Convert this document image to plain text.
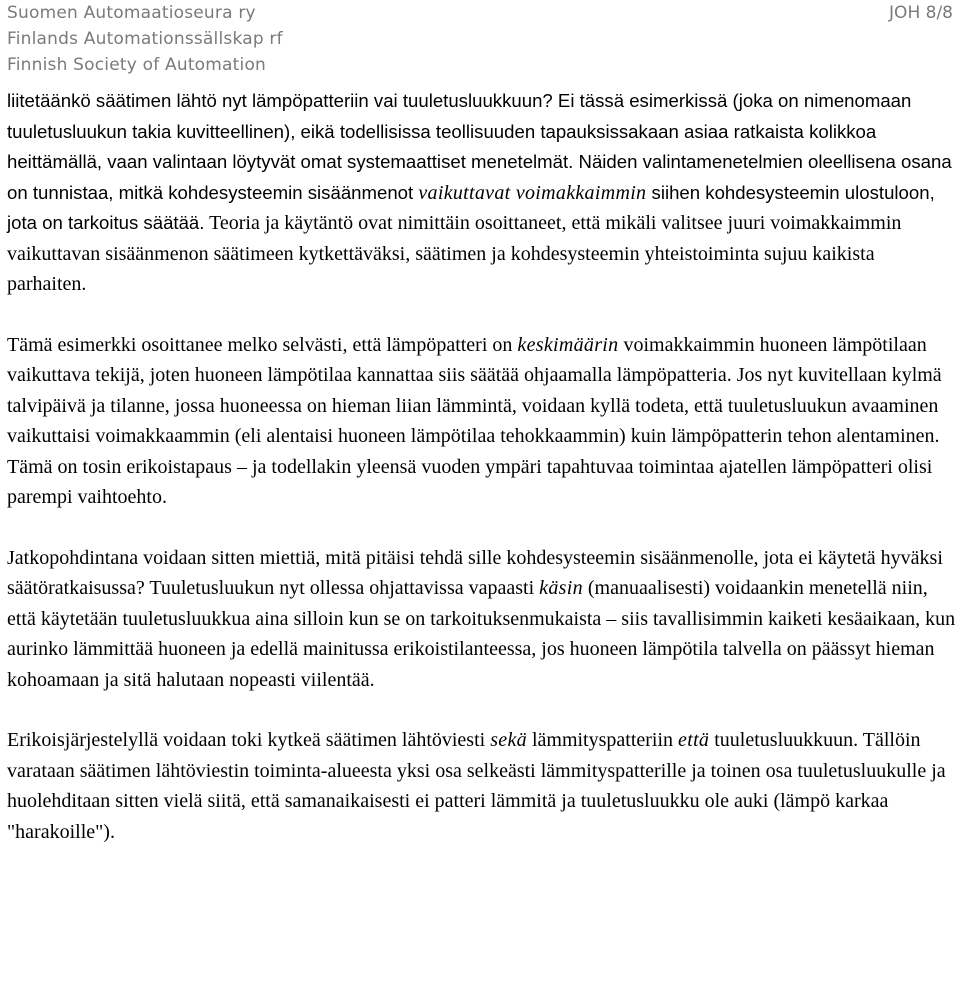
Suomen Automaatioseura ry
Finlands Automationssällskap rf
Finnish Society of Automation
JOH 8/8

liitetäänkö säätimen lähtö nyt lämpöpatteriin vai tuuletusluukkuun? Ei tässä esimerkissä (joka on nimenomaan tuuletusluukun takia kuvitteellinen), eikä todellisissa teollisuuden tapauksissakaan asiaa ratkaista kolikkoa heittämällä, vaan valintaan löytyvät omat systemaattiset menetelmät. Näiden valintamenetelmien oleellisena osana on tunnistaa, mitkä kohdesysteemin sisäänmenot vaikuttavat voimakkaimmin siihen kohdesysteemin ulostuloon, jota on tarkoitus säätää. Teoria ja käytäntö ovat nimittäin osoittaneet, että mikäli valitsee juuri voimakkaimmin vaikuttavan sisäänmenon säätimeen kytkettäväksi, säätimen ja kohdesysteemin yhteistoiminta sujuu kaikista parhaiten.

Tämä esimerkki osoittanee melko selvästi, että lämpöpatteri on keskimäärin voimakkaimmin huoneen lämpötilaan vaikuttava tekijä, joten huoneen lämpötilaa kannattaa siis säätää ohjaamalla lämpöpatteria. Jos nyt kuvitellaan kylmä talvipäivä ja tilanne, jossa huoneessa on hieman liian lämmintä, voidaan kyllä todeta, että tuuletusluukun avaaminen vaikuttaisi voimakkaammin (eli alentaisi huoneen lämpötilaa tehokkaammin) kuin lämpöpatterin tehon alentaminen. Tämä on tosin erikoistapaus – ja todellakin yleensä vuoden ympäri tapahtuvaa toimintaa ajatellen lämpöpatteri olisi parempi vaihtoehto.

Jatkopohdintana voidaan sitten miettiä, mitä pitäisi tehdä sille kohdesysteemin sisäänmenolle, jota ei käytetä hyväksi säätöratkaisussa? Tuuletusluukun nyt ollessa ohjattavissa vapaasti käsin (manuaalisesti) voidaankin menetellä niin, että käytetään tuuletusluukkua aina silloin kun se on tarkoituksenmukaista – siis tavallisimmin kaiketi kesäaikaan, kun aurinko lämmittää huoneen ja edellä mainitussa erikoistilanteessa, jos huoneen lämpötila talvella on päässyt hieman kohoamaan ja sitä halutaan nopeasti viilentää.

Erikoisjärjestelyllä voidaan toki kytkeä säätimen lähtöviesti sekä lämmityspatteriin että tuuletusluukkuun. Tällöin varataan säätimen lähtöviestin toiminta-alueesta yksi osa selkeästi lämmityspatterille ja toinen osa tuuletusluukulle ja huolehditaan sitten vielä siitä, että samanaikaisesti ei patteri lämmitä ja tuuletusluukku ole auki (lämpö karkaa "harakoille").
